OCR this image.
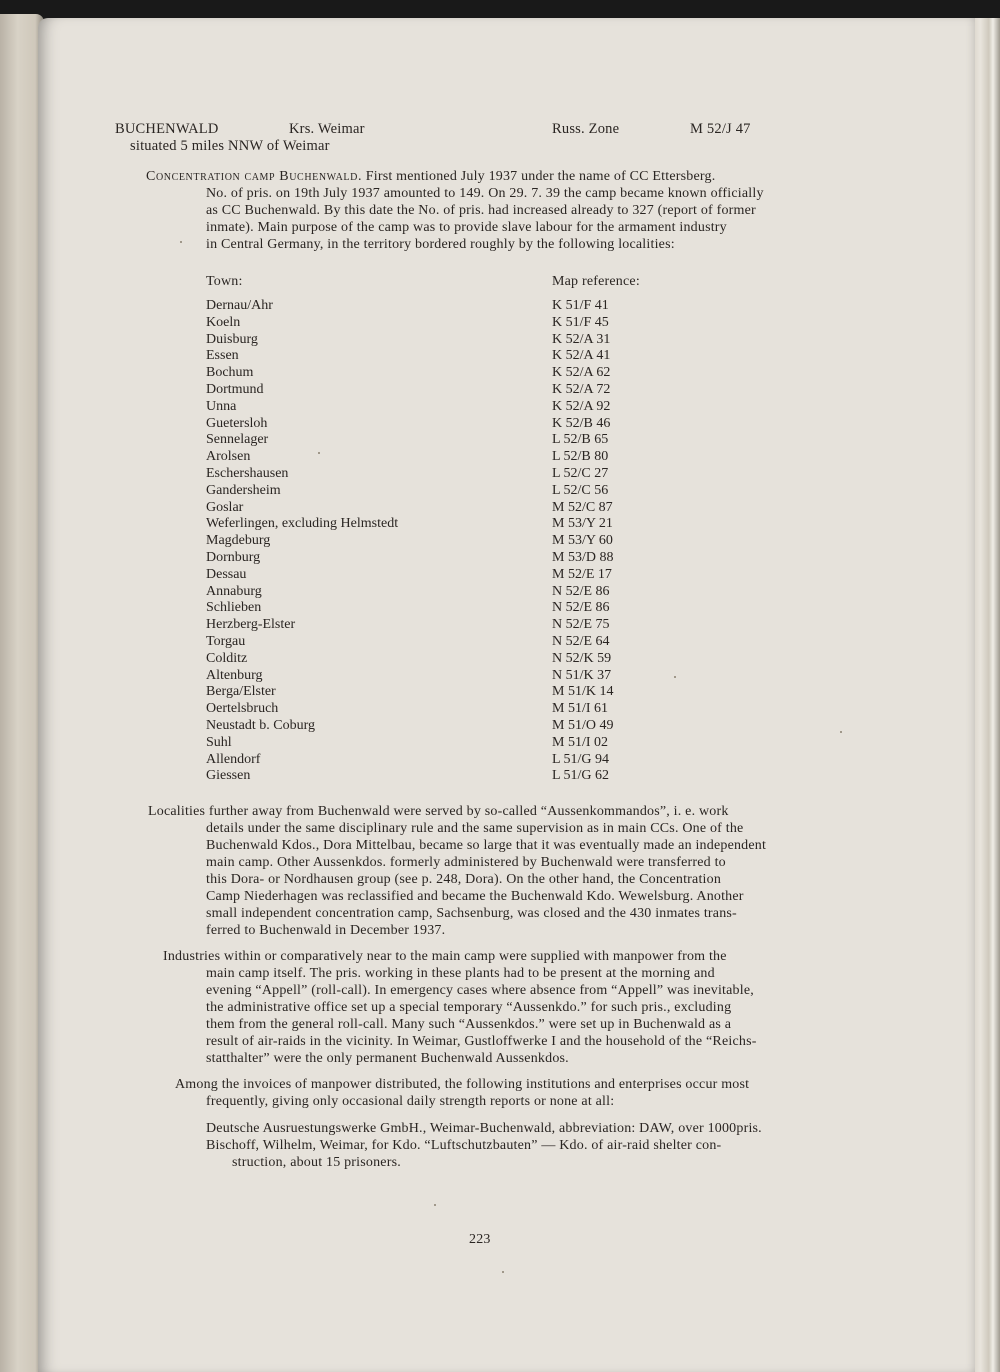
BUCHENWALD	Krs. Weimar	Russ. Zone	M 52/J 47
situated 5 miles NNW of Weimar
Concentration camp Buchenwald. First mentioned July 1937 under the name of CC Ettersberg.
No. of pris. on 19th July 1937 amounted to 149. On 29. 7. 39 the camp became known officially
as CC Buchenwald. By this date the No. of pris. had increased already to 327 (report of former
inmate). Main purpose of the camp was to provide slave labour for the armament industry
in Central Germany, in the territory bordered roughly by the following localities:
Town:	Map reference:
Dernau/Ahr	K 51/F 41
Koeln	K 51/F 45
Duisburg	K 52/A 31
Essen	K 52/A 41
Bochum	K 52/A 62
Dortmund	K 52/A 72
Unna	K 52/A 92
Guetersloh	K 52/B 46
Sennelager	L 52/B 65
Arolsen	L 52/B 80
Eschershausen	L 52/C 27
Gandersheim	L 52/C 56
Goslar	M 52/C 87
Weferlingen, excluding Helmstedt	M 53/Y 21
Magdeburg	M 53/Y 60
Dornburg	M 53/D 88
Dessau	M 52/E 17
Annaburg	N 52/E 86
Schlieben	N 52/E 86
Herzberg-Elster	N 52/E 75
Torgau	N 52/E 64
Colditz	N 52/K 59
Altenburg	N 51/K 37
Berga/Elster	M 51/K 14
Oertelsbruch	M 51/I 61
Neustadt b. Coburg	M 51/O 49
Suhl	M 51/I 02
Allendorf	L 51/G 94
Giessen	L 51/G 62
Localities further away from Buchenwald were served by so-called “Aussenkommandos”, i. e. work
details under the same disciplinary rule and the same supervision as in main CCs. One of the
Buchenwald Kdos., Dora Mittelbau, became so large that it was eventually made an independent
main camp. Other Aussenkdos. formerly administered by Buchenwald were transferred to
this Dora- or Nordhausen group (see p. 248, Dora). On the other hand, the Concentration
Camp Niederhagen was reclassified and became the Buchenwald Kdo. Wewelsburg. Another
small independent concentration camp, Sachsenburg, was closed and the 430 inmates trans-
ferred to Buchenwald in December 1937.
Industries within or comparatively near to the main camp were supplied with manpower from the
main camp itself. The pris. working in these plants had to be present at the morning and
evening “Appell” (roll-call). In emergency cases where absence from “Appell” was inevitable,
the administrative office set up a special temporary “Aussenkdo.” for such pris., excluding
them from the general roll-call. Many such “Aussenkdos.” were set up in Buchenwald as a
result of air-raids in the vicinity. In Weimar, Gustloffwerke I and the household of the “Reichs-
statthalter” were the only permanent Buchenwald Aussenkdos.
Among the invoices of manpower distributed, the following institutions and enterprises occur most
frequently, giving only occasional daily strength reports or none at all:
Deutsche Ausruestungswerke GmbH., Weimar-Buchenwald, abbreviation: DAW, over 1000pris.
Bischoff, Wilhelm, Weimar, for Kdo. “Luftschutzbauten” — Kdo. of air-raid shelter con-
struction, about 15 prisoners.
223
